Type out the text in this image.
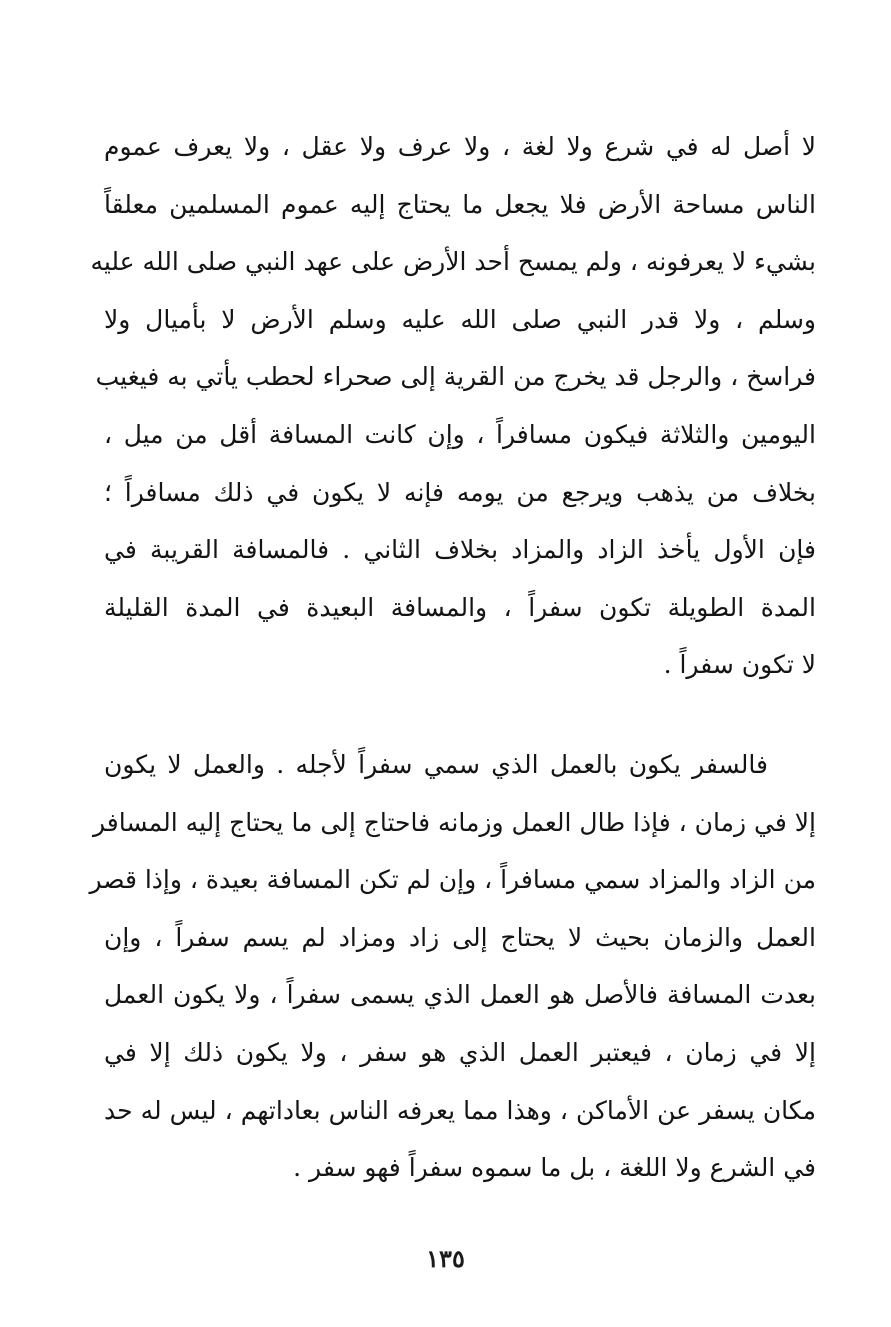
لا أصل له في شرع ولا لغة ، ولا عرف ولا عقل ، ولا يعرف عموم
الناس مساحة الأرض فلا يجعل ما يحتاج إليه عموم المسلمين معلقاً
بشيء لا يعرفونه ، ولم يمسح أحد الأرض على عهد النبي صلى الله عليه
وسلم ، ولا قدر النبي صلى الله عليه وسلم الأرض لا بأميال ولا
فراسخ ، والرجل قد يخرج من القرية إلى صحراء لحطب يأتي به فيغيب
اليومين والثلاثة فيكون مسافراً ، وإن كانت المسافة أقل من ميل ،
بخلاف من يذهب ويرجع من يومه فإنه لا يكون في ذلك مسافراً ؛
فإن الأول يأخذ الزاد والمزاد بخلاف الثاني . فالمسافة القريبة في
المدة الطويلة تكون سفراً ، والمسافة البعيدة في المدة القليلة
لا تكون سفراً .
فالسفر يكون بالعمل الذي سمي سفراً لأجله . والعمل لا يكون
إلا في زمان ، فإذا طال العمل وزمانه فاحتاج إلى ما يحتاج إليه المسافر
من الزاد والمزاد سمي مسافراً ، وإن لم تكن المسافة بعيدة ، وإذا قصر
العمل والزمان بحيث لا يحتاج إلى زاد ومزاد لم يسم سفراً ، وإن
بعدت المسافة فالأصل هو العمل الذي يسمى سفراً ، ولا يكون العمل
إلا في زمان ، فيعتبر العمل الذي هو سفر ، ولا يكون ذلك إلا في
مكان يسفر عن الأماكن ، وهذا مما يعرفه الناس بعاداتهم ، ليس له حد
في الشرع ولا اللغة ، بل ما سموه سفراً فهو سفر .
١٣٥
